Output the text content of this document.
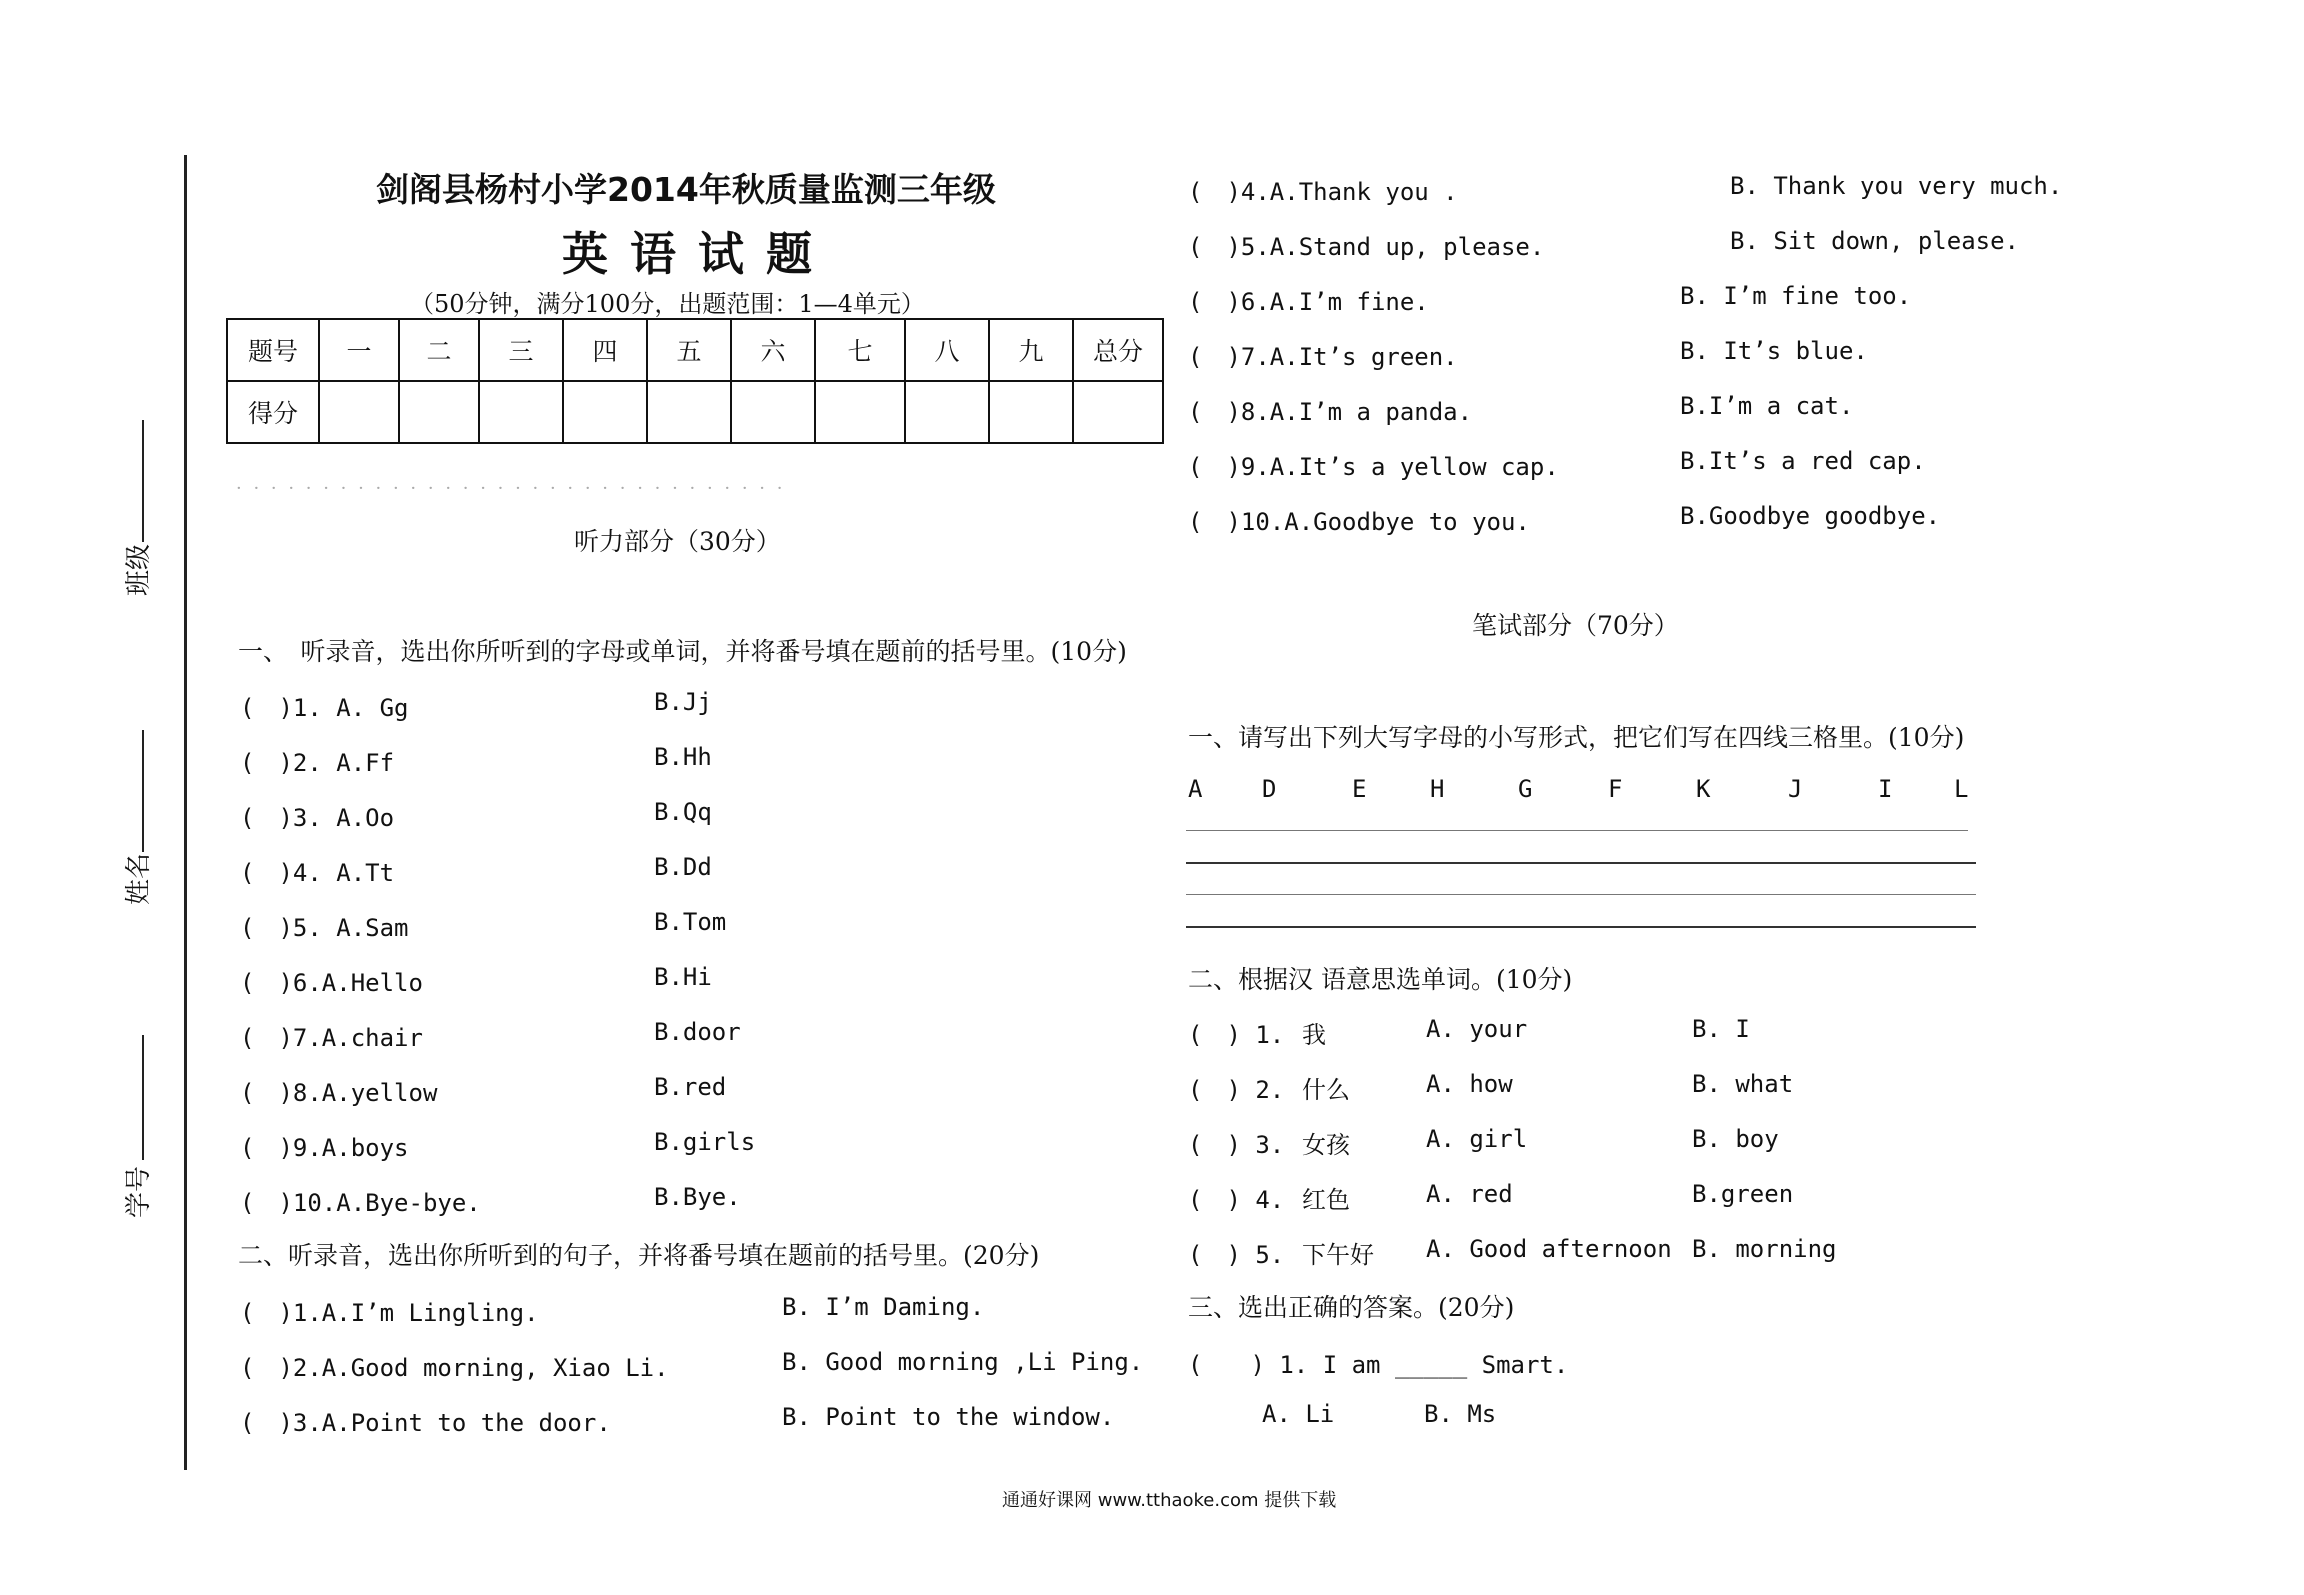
班级
姓名
学号
剑阁县杨村小学2014年秋质量监测三年级
英语试题
（50分钟，满分100分，出题范围：1—4单元）
题号	一	二	三	四	五	六	七	八	九	总分
得分										
· · · · · · · · · · · · · · · · · · · · · · · · · · · · · · · ·
听力部分（30分）
一、　听录音，选出你所听到的字母或单词，并将番号填在题前的括号里。(10分)
(　)1. A. Gg	B.Jj
(　)2. A.Ff	B.Hh
(　)3. A.Oo	B.Qq
(　)4. A.Tt	B.Dd
(　)5. A.Sam	B.Tom
(　)6.A.Hello	B.Hi
(　)7.A.chair	B.door
(　)8.A.yellow	B.red
(　)9.A.boys	B.girls
(　)10.A.Bye-bye.	B.Bye.
二、听录音，选出你所听到的句子，并将番号填在题前的括号里。(20分)
(　)1.A.I’m Lingling.	B. I’m Daming.
(　)2.A.Good morning, Xiao Li.	B. Good morning ,Li Ping.
(　)3.A.Point to the door.	B. Point to the window.
(　)4.A.Thank you .	B. Thank you very much.
(　)5.A.Stand up, please.	B. Sit down, please.
(　)6.A.I’m fine.	B. I’m fine too.
(　)7.A.It’s green.	B. It’s blue.
(　)8.A.I’m a panda.	B.I’m a cat.
(　)9.A.It’s a yellow cap.	B.It’s a red cap.
(　)10.A.Goodbye to you.	B.Goodbye goodbye.
笔试部分（70分）
一、请写出下列大写字母的小写形式，把它们写在四线三格里。(10分)
A D	E	H	G	F	K	J	I	L
二、根据汉 语意思选单词。(10分)
(　) 1. 我	A. your	B. I
(　) 2. 什么	A. how	B. what
(　) 3. 女孩	A. girl	B. boy
(　) 4. 红色	A. red	B.green
(　) 5. 下午好 A. Good afternoon B. morning
三、选出正确的答案。(20分)
(　　) 1. I am _____ Smart.
A. Li	B. Ms
通通好课网 www.tthaoke.com 提供下载
